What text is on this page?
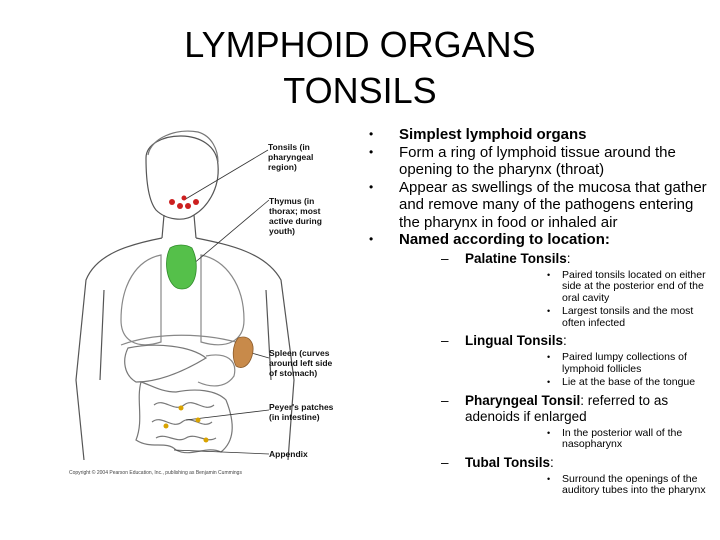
LYMPHOID ORGANS
TONSILS
Tonsils (in pharyngeal region)
Thymus (in thorax; most active during youth)
Spleen (curves around left side of stomach)
Peyer's patches (in intestine)
Appendix
Copyright © 2004 Pearson Education, Inc., publishing as Benjamin Cummings
• Simplest lymphoid organs
• Form a ring of lymphoid tissue around the opening to the pharynx (throat)
• Appear as swellings of the mucosa that gather and remove many of the pathogens entering the pharynx in food or inhaled air
• Named according to location:
– Palatine Tonsils:
• Paired tonsils located on either side at the posterior end of the oral cavity
• Largest tonsils and the most often infected
– Lingual Tonsils:
• Paired lumpy collections of lymphoid follicles
• Lie at the base of the tongue
– Pharyngeal Tonsil: referred to as adenoids if enlarged
• In the posterior wall of the nasopharynx
– Tubal Tonsils:
• Surround the openings of the auditory tubes into the pharynx
